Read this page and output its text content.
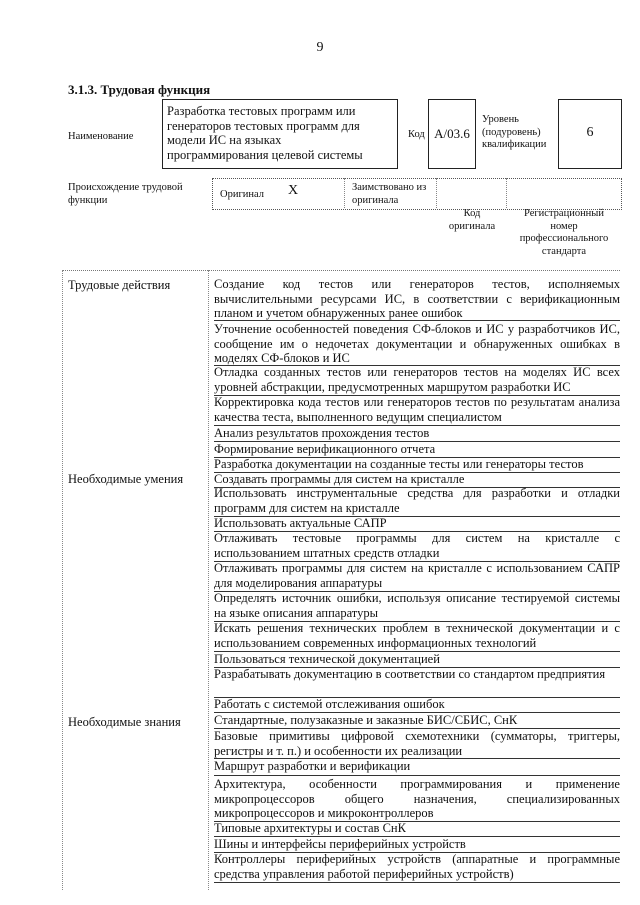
9
3.1.3. Трудовая функция
Наименование
Разработка тестовых программ или генераторов тестовых программ для модели ИС на языках программирования целевой системы
Код А/03.6
Уровень (подуровень) квалификации
6
Происхождение трудовой функции	Оригинал X	Заимствовано из оригинала
Код оригинала
Регистрационный номер профессионального стандарта
Трудовые действия
Необходимые умения
Необходимые знания
Создание код тестов или генераторов тестов, исполняемых вычислительными ресурсами ИС, в соответствии с верификационным планом и учетом обнаруженных ранее ошибок
Уточнение особенностей поведения СФ-блоков и ИС у разработчиков ИС, сообщение им о недочетах документации и обнаруженных ошибках в моделях СФ-блоков и ИС
Отладка созданных тестов или генераторов тестов на моделях ИС всех уровней абстракции, предусмотренных маршрутом разработки ИС
Корректировка кода тестов или генераторов тестов по результатам анализа качества теста, выполненного ведущим специалистом
Анализ результатов прохождения тестов
Формирование верификационного отчета
Разработка документации на созданные тесты или генераторы тестов
Создавать программы для систем на кристалле
Использовать инструментальные средства для разработки и отладки программ для систем на кристалле
Использовать актуальные САПР
Отлаживать тестовые программы для систем на кристалле с использованием штатных средств отладки
Отлаживать программы для систем на кристалле с использованием САПР для моделирования аппаратуры
Определять источник ошибки, используя описание тестируемой системы на языке описания аппаратуры
Искать решения технических проблем в технической документации и с использованием современных информационных технологий
Пользоваться технической документацией
Разрабатывать документацию в соответствии со стандартом предприятия
Работать с системой отслеживания ошибок
Стандартные, полузаказные и заказные БИС/СБИС, СнК
Базовые примитивы цифровой схемотехники (сумматоры, триггеры, регистры и т. п.) и особенности их реализации
Маршрут разработки и верификации
Архитектура, особенности программирования и применение микропроцессоров общего назначения, специализированных микропроцессоров и микроконтроллеров
Типовые архитектуры и состав СнК
Шины и интерфейсы периферийных устройств
Контроллеры периферийных устройств (аппаратные и программные средства управления работой периферийных устройств)
